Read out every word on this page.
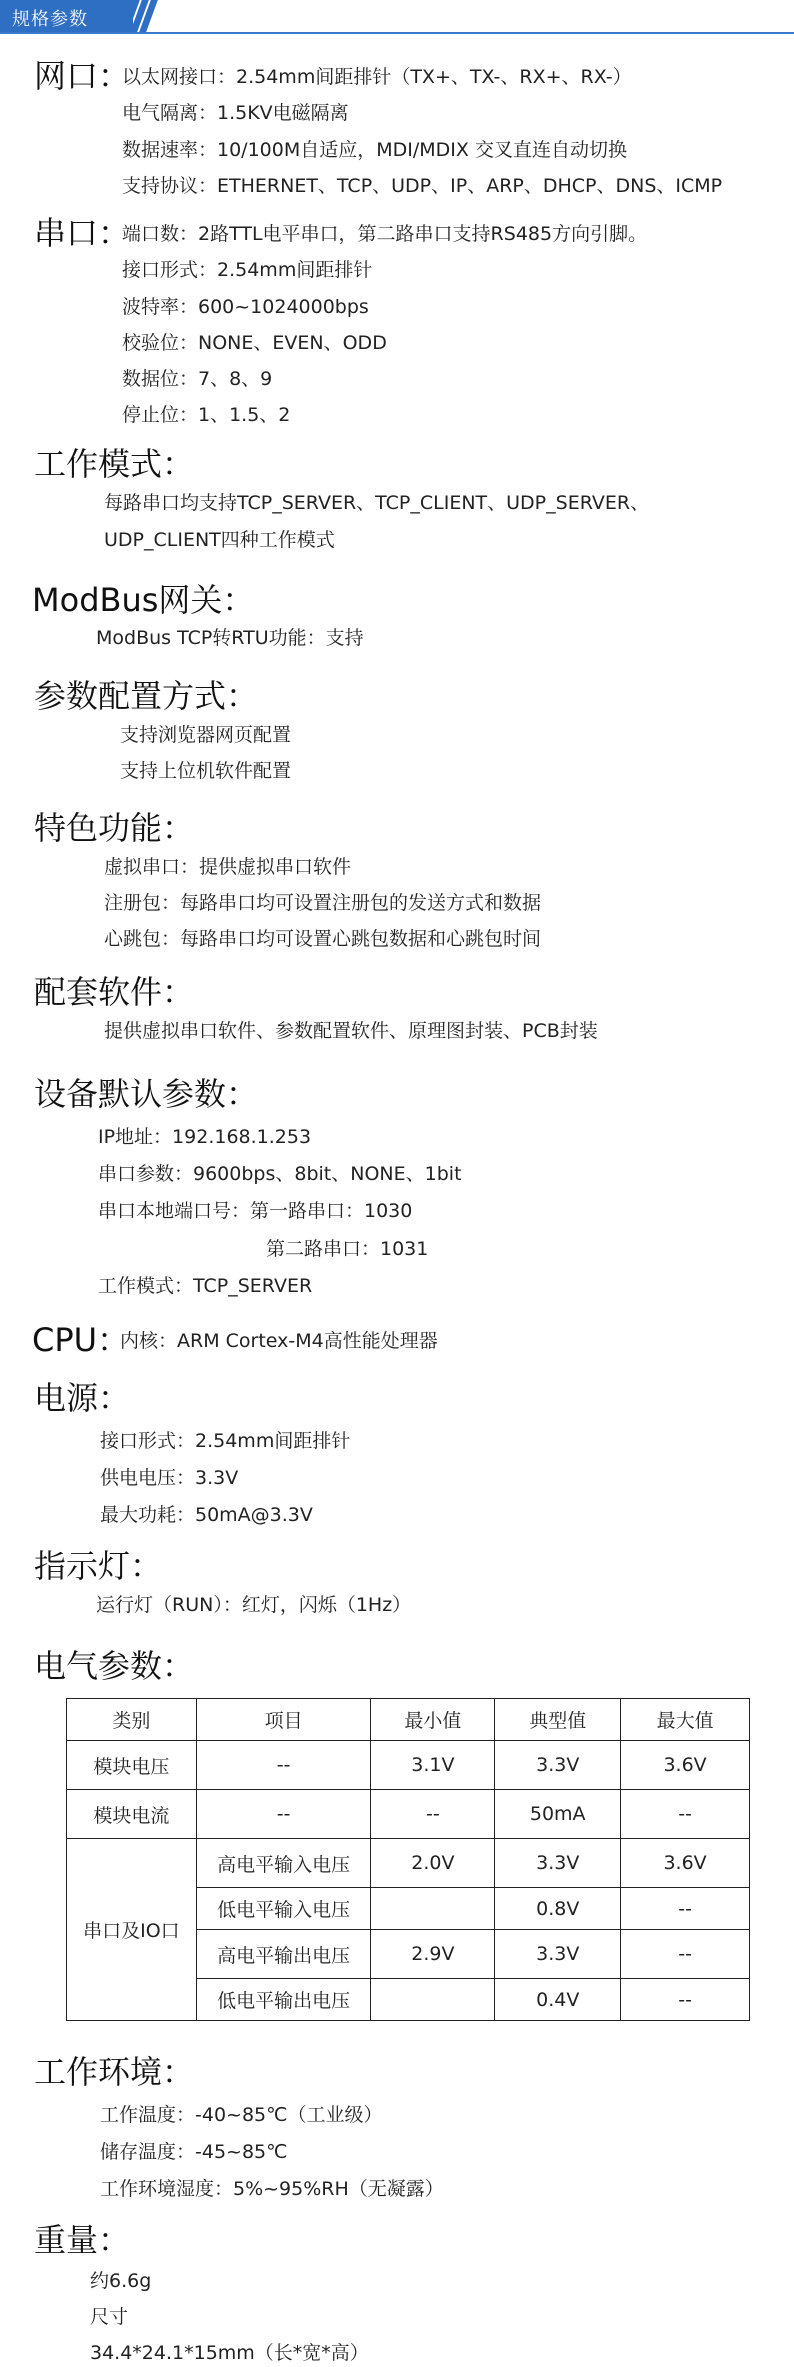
规格参数
网口：
以太网接口：2.54mm间距排针（TX+、TX-、RX+、RX-）
电气隔离：1.5KV电磁隔离
数据速率：10/100M自适应，MDI/MDIX 交叉直连自动切换
支持协议：ETHERNET、TCP、UDP、IP、ARP、DHCP、DNS、ICMP
串口：
端口数：2路TTL电平串口，第二路串口支持RS485方向引脚。
接口形式：2.54mm间距排针
波特率：600~1024000bps
校验位：NONE、EVEN、ODD
数据位：7、8、9
停止位：1、1.5、2
工作模式：
每路串口均支持TCP_SERVER、TCP_CLIENT、UDP_SERVER、
UDP_CLIENT四种工作模式
ModBus网关：
ModBus TCP转RTU功能：支持
参数配置方式：
支持浏览器网页配置
支持上位机软件配置
特色功能：
虚拟串口：提供虚拟串口软件
注册包：每路串口均可设置注册包的发送方式和数据
心跳包：每路串口均可设置心跳包数据和心跳包时间
配套软件：
提供虚拟串口软件、参数配置软件、原理图封装、PCB封装
设备默认参数：
IP地址：192.168.1.253
串口参数：9600bps、8bit、NONE、1bit
串口本地端口号：第一路串口：1030
第二路串口：1031
工作模式：TCP_SERVER
CPU：
内核：ARM Cortex-M4高性能处理器
电源：
接口形式：2.54mm间距排针
供电电压：3.3V
最大功耗：50mA@3.3V
指示灯：
运行灯（RUN）：红灯，闪烁（1Hz）
电气参数：
类别	项目	最小值	典型值	最大值
模块电压	--	3.1V	3.3V	3.6V
模块电流	--	--	50mA	--
串口及IO口	高电平输入电压	2.0V	3.3V	3.6V
	低电平输入电压		0.8V	--
	高电平输出电压	2.9V	3.3V	--
	低电平输出电压		0.4V	--
工作环境：
工作温度：-40~85℃（工业级）
储存温度：-45~85℃
工作环境湿度：5%~95%RH（无凝露）
重量：
约6.6g
尺寸
34.4*24.1*15mm（长*宽*高）
